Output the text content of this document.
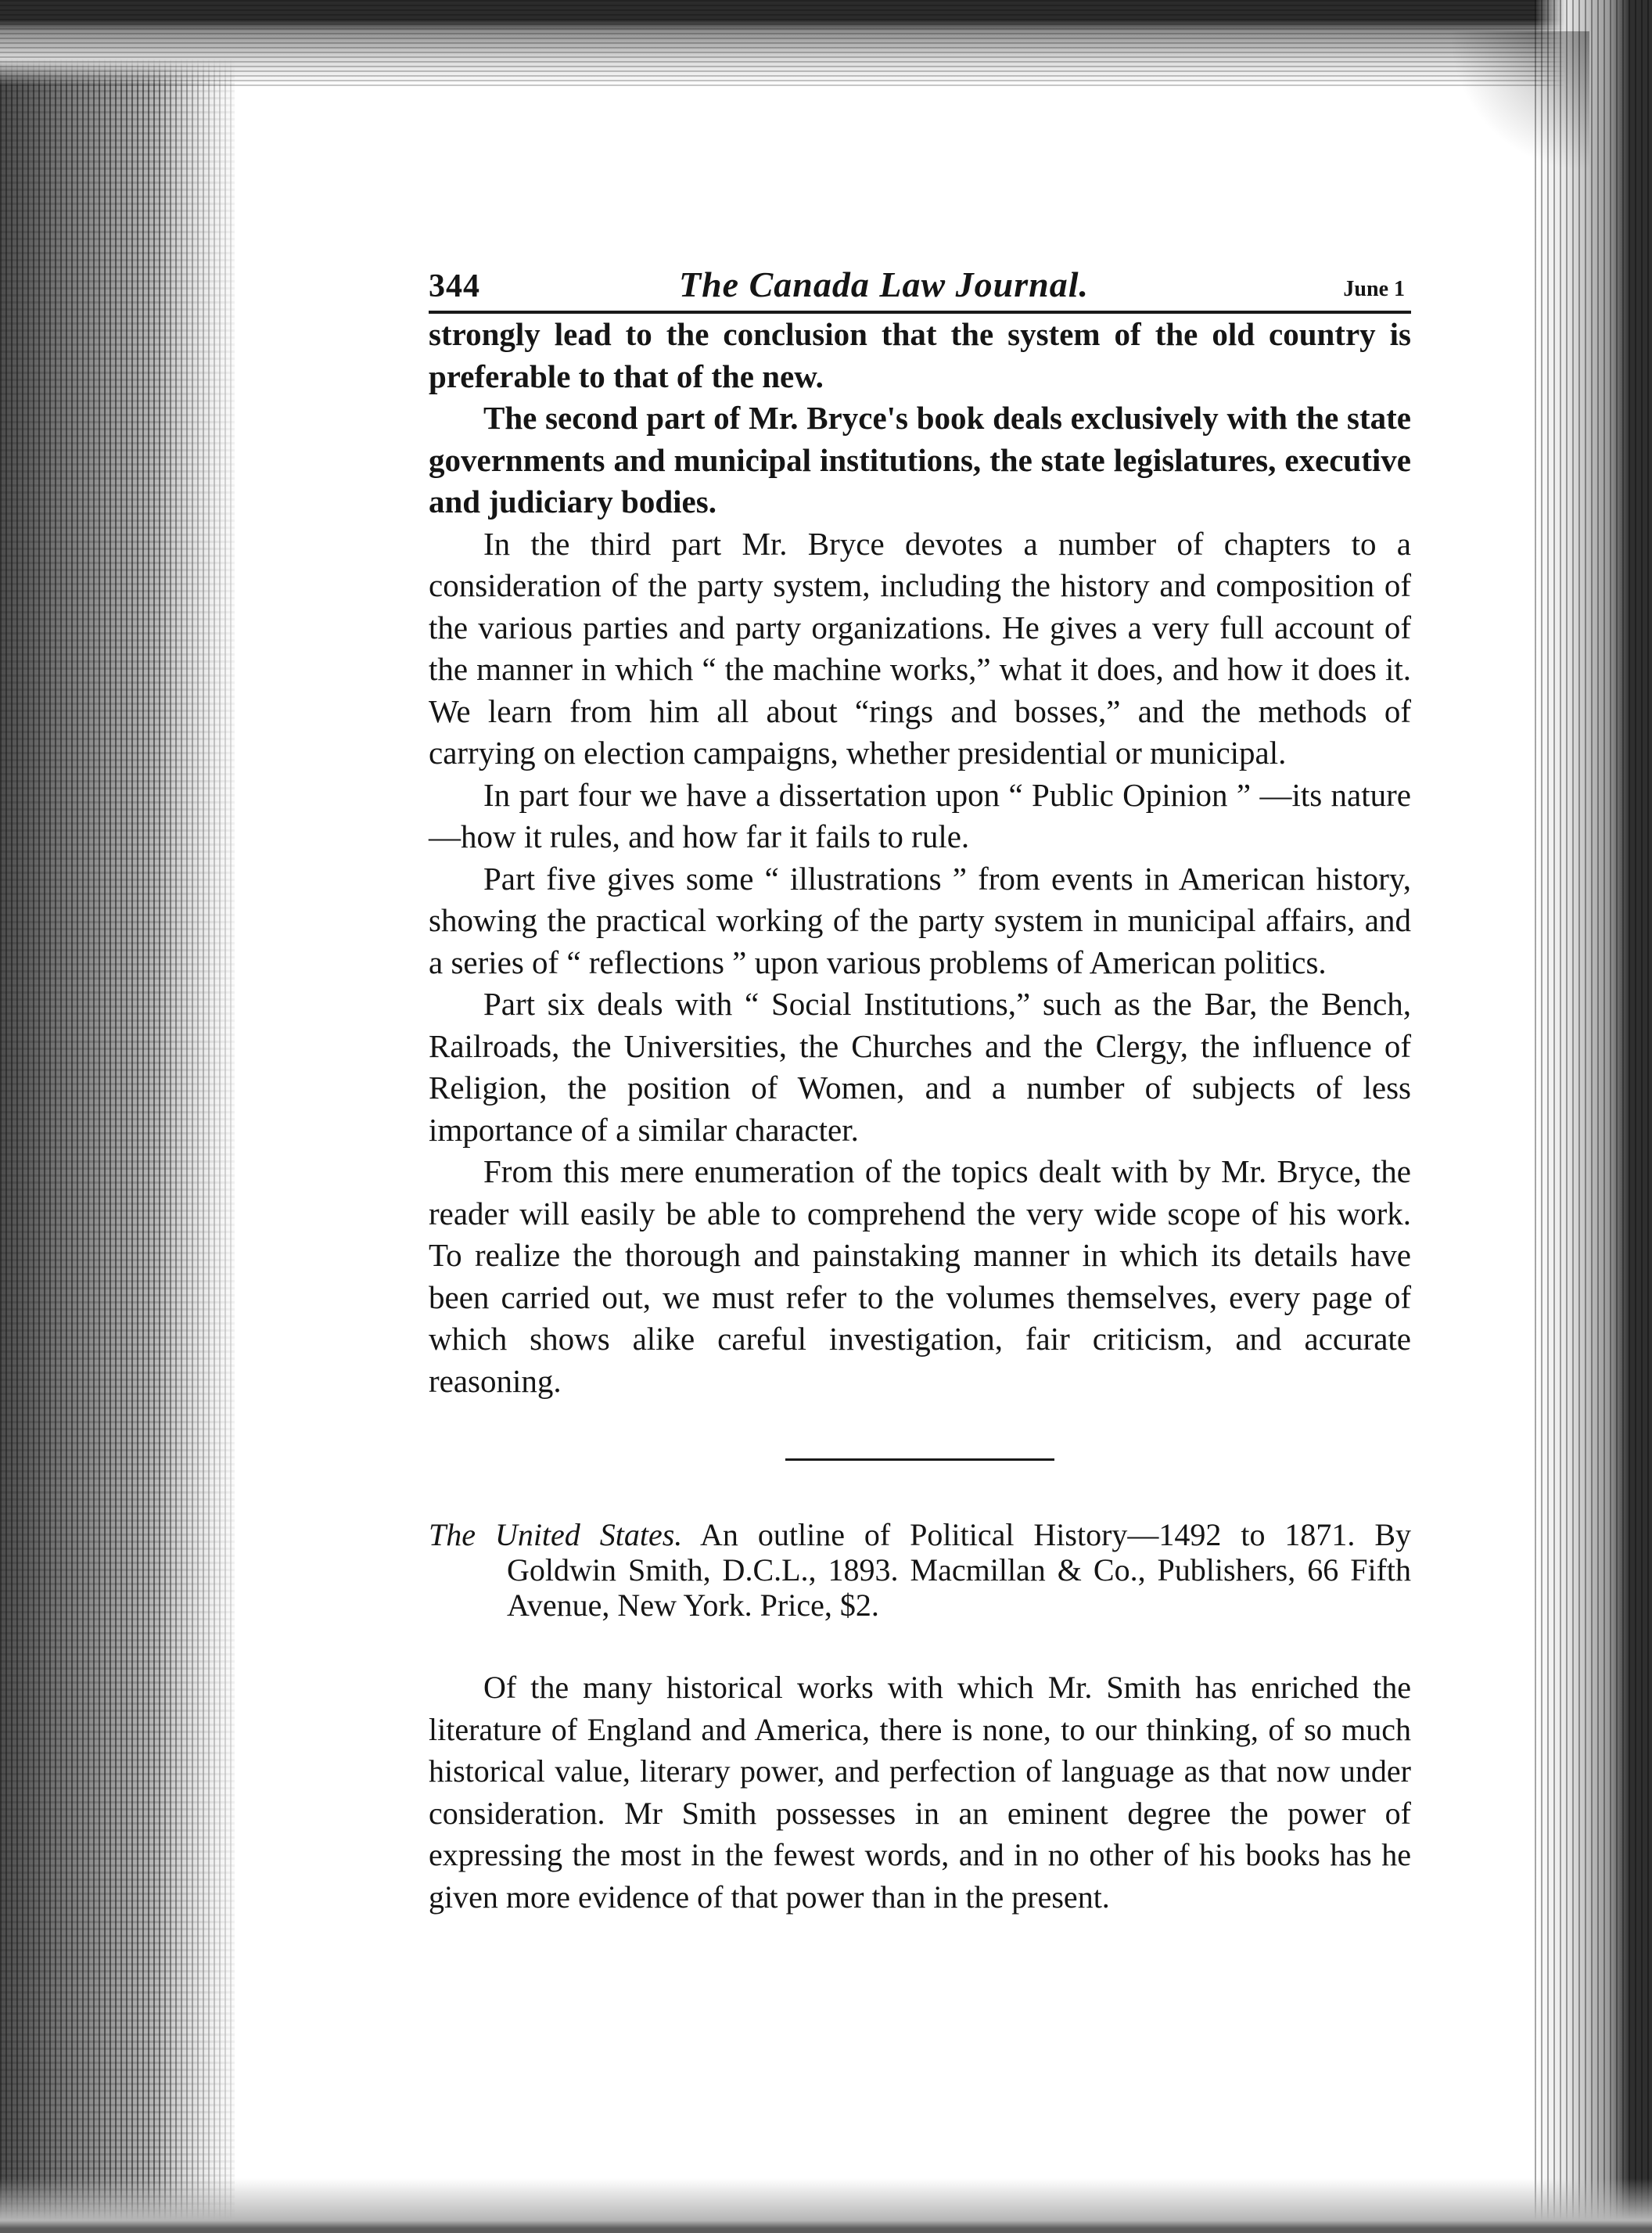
344	The Canada Law Journal.	June 1

strongly lead to the conclusion that the system of the old country is preferable to that of the new.

The second part of Mr. Bryce's book deals exclusively with the state governments and municipal institutions, the state legislatures, executive and judiciary bodies.

In the third part Mr. Bryce devotes a number of chapters to a consideration of the party system, including the history and composition of the various parties and party organizations. He gives a very full account of the manner in which “ the machine works,” what it does, and how it does it. We learn from him all about “rings and bosses,” and the methods of carrying on election campaigns, whether presidential or municipal.

In part four we have a dissertation upon “ Public Opinion ” —its nature—how it rules, and how far it fails to rule.

Part five gives some “ illustrations ” from events in American history, showing the practical working of the party system in municipal affairs, and a series of “ reflections ” upon various problems of American politics.

Part six deals with “ Social Institutions,” such as the Bar, the Bench, Railroads, the Universities, the Churches and the Clergy, the influence of Religion, the position of Women, and a number of subjects of less importance of a similar character.

From this mere enumeration of the topics dealt with by Mr. Bryce, the reader will easily be able to comprehend the very wide scope of his work. To realize the thorough and painstaking manner in which its details have been carried out, we must refer to the volumes themselves, every page of which shows alike careful investigation, fair criticism, and accurate reasoning.

The United States. An outline of Political History—1492 to 1871. By Goldwin Smith, D.C.L., 1893. Macmillan & Co., Publishers, 66 Fifth Avenue, New York. Price, $2.

Of the many historical works with which Mr. Smith has enriched the literature of England and America, there is none, to our thinking, of so much historical value, literary power, and perfection of language as that now under consideration. Mr Smith possesses in an eminent degree the power of expressing the most in the fewest words, and in no other of his books has he given more evidence of that power than in the present.
